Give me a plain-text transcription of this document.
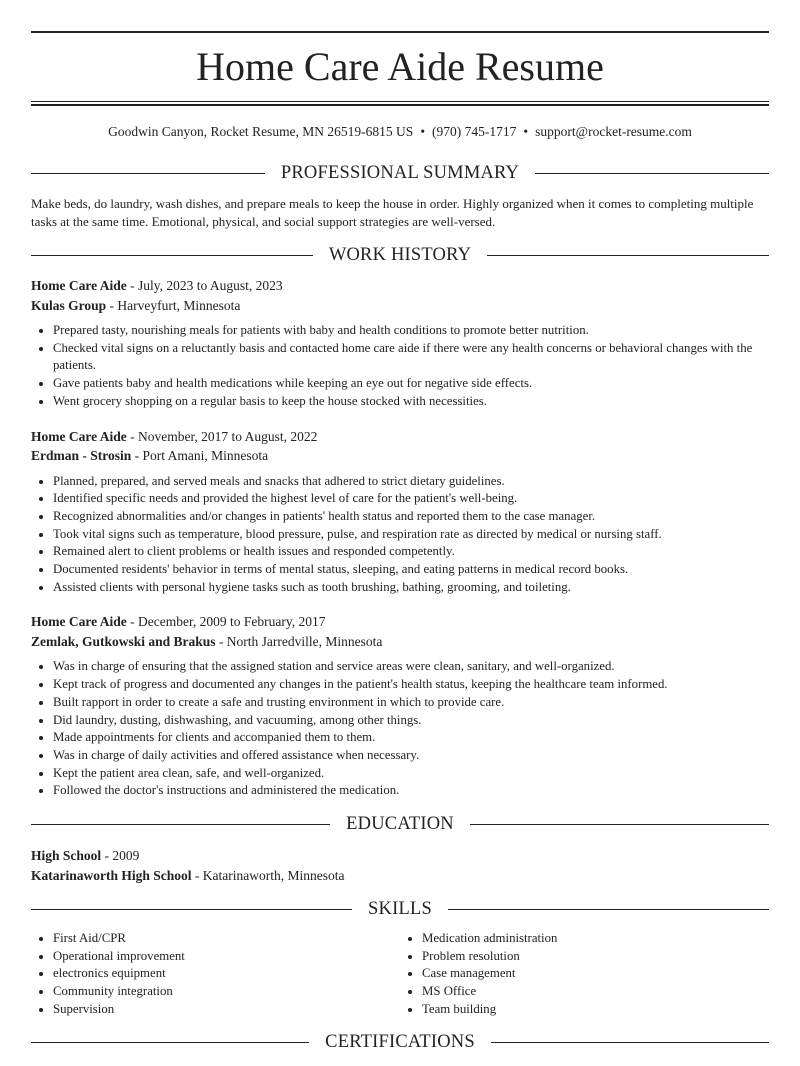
Home Care Aide Resume
Goodwin Canyon, Rocket Resume, MN 26519-6815 US • (970) 745-1717 • support@rocket-resume.com
PROFESSIONAL SUMMARY
Make beds, do laundry, wash dishes, and prepare meals to keep the house in order. Highly organized when it comes to completing multiple tasks at the same time. Emotional, physical, and social support strategies are well-versed.
WORK HISTORY
Home Care Aide - July, 2023 to August, 2023
Kulas Group - Harveyfurt, Minnesota
• Prepared tasty, nourishing meals for patients with baby and health conditions to promote better nutrition.
• Checked vital signs on a reluctantly basis and contacted home care aide if there were any health concerns or behavioral changes with the patients.
• Gave patients baby and health medications while keeping an eye out for negative side effects.
• Went grocery shopping on a regular basis to keep the house stocked with necessities.
Home Care Aide - November, 2017 to August, 2022
Erdman - Strosin - Port Amani, Minnesota
• Planned, prepared, and served meals and snacks that adhered to strict dietary guidelines.
• Identified specific needs and provided the highest level of care for the patient's well-being.
• Recognized abnormalities and/or changes in patients' health status and reported them to the case manager.
• Took vital signs such as temperature, blood pressure, pulse, and respiration rate as directed by medical or nursing staff.
• Remained alert to client problems or health issues and responded competently.
• Documented residents' behavior in terms of mental status, sleeping, and eating patterns in medical record books.
• Assisted clients with personal hygiene tasks such as tooth brushing, bathing, grooming, and toileting.
Home Care Aide - December, 2009 to February, 2017
Zemlak, Gutkowski and Brakus - North Jarredville, Minnesota
• Was in charge of ensuring that the assigned station and service areas were clean, sanitary, and well-organized.
• Kept track of progress and documented any changes in the patient's health status, keeping the healthcare team informed.
• Built rapport in order to create a safe and trusting environment in which to provide care.
• Did laundry, dusting, dishwashing, and vacuuming, among other things.
• Made appointments for clients and accompanied them to them.
• Was in charge of daily activities and offered assistance when necessary.
• Kept the patient area clean, safe, and well-organized.
• Followed the doctor's instructions and administered the medication.
EDUCATION
High School - 2009
Katarinaworth High School - Katarinaworth, Minnesota
SKILLS
• First Aid/CPR
• Operational improvement
• electronics equipment
• Community integration
• Supervision
• Medication administration
• Problem resolution
• Case management
• MS Office
• Team building
CERTIFICATIONS
